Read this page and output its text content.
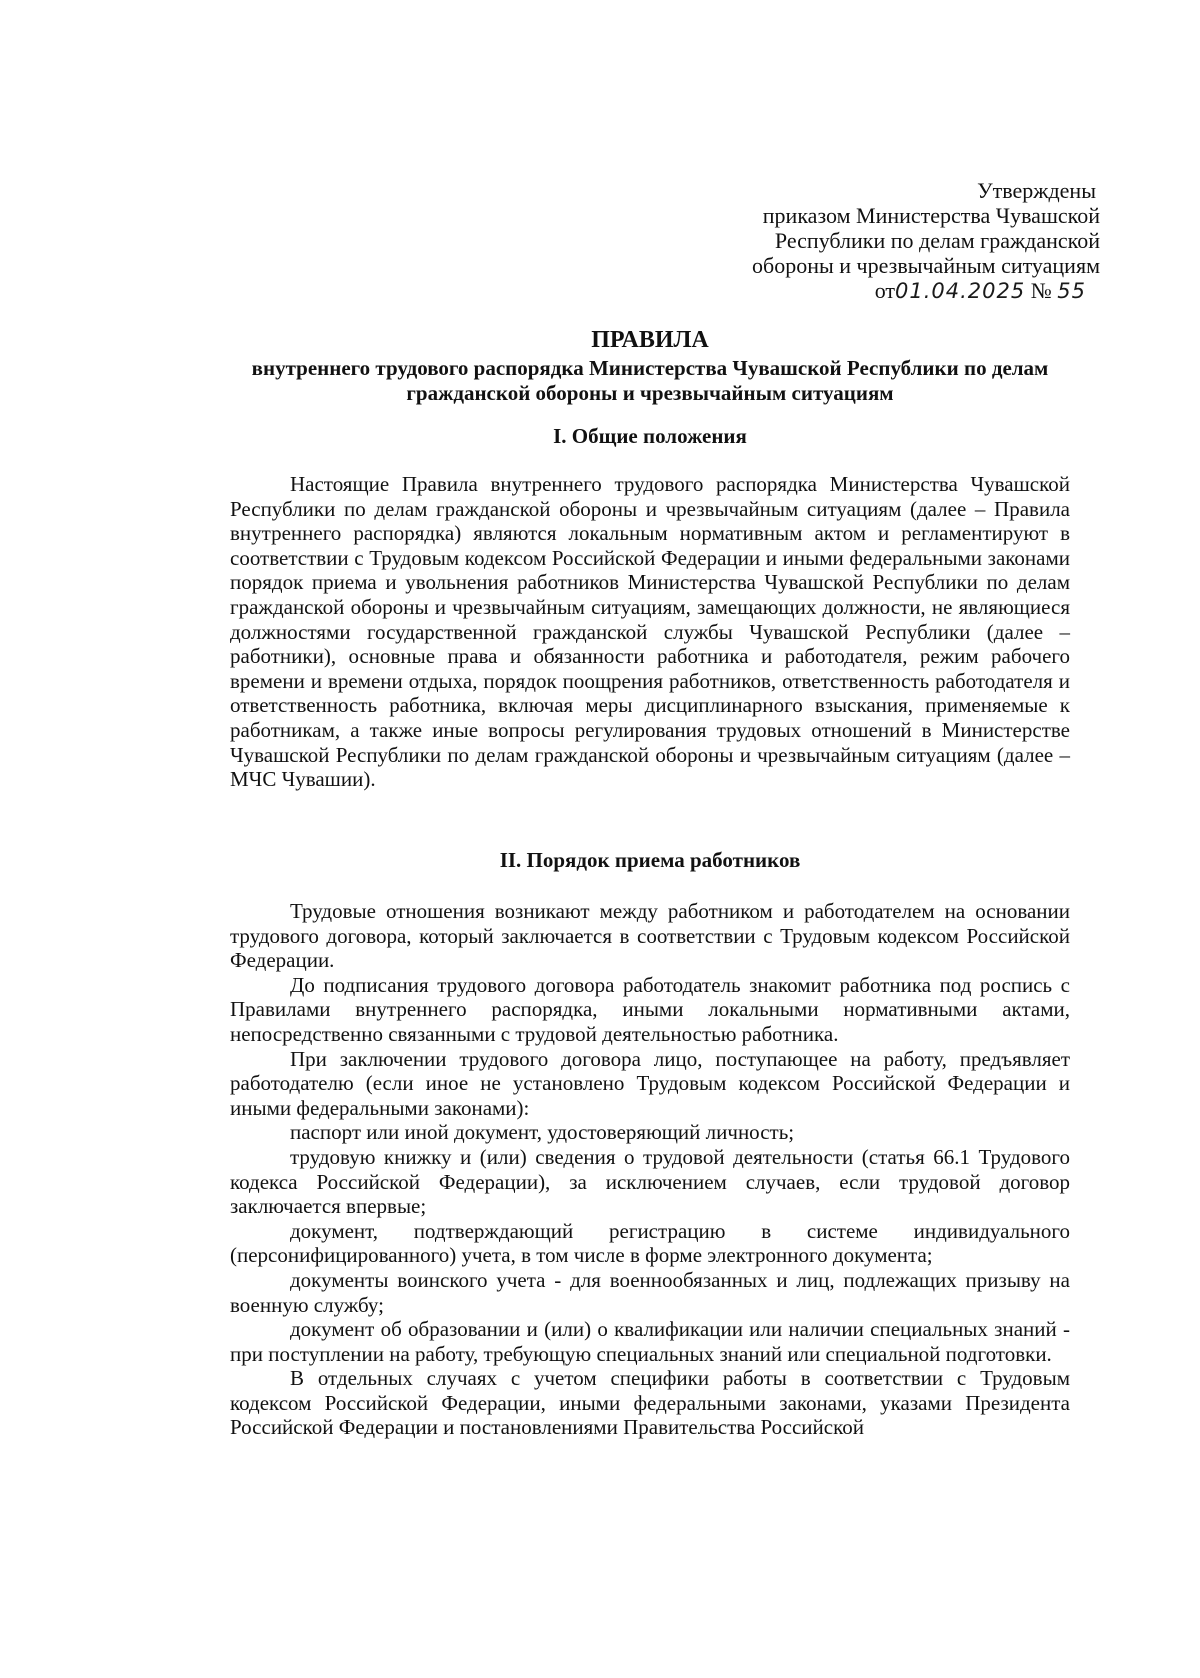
Утверждены
приказом Министерства Чувашской
Республики по делам гражданской
обороны и чрезвычайным ситуациям
от01.04.2025 № 55
ПРАВИЛА
внутреннего трудового распорядка Министерства Чувашской Республики по делам гражданской обороны и чрезвычайным ситуациям
I. Общие положения

Настоящие Правила внутреннего трудового распорядка Министерства Чувашской Республики по делам гражданской обороны и чрезвычайным ситуациям (далее – Правила внутреннего распорядка) являются локальным нормативным актом и регламентируют в соответствии с Трудовым кодексом Российской Федерации и иными федеральными законами порядок приема и увольнения работников Министерства Чувашской Республики по делам гражданской обороны и чрезвычайным ситуациям, замещающих должности, не являющиеся должностями государственной гражданской службы Чувашской Республики (далее – работники), основные права и обязанности работника и работодателя, режим рабочего времени и времени отдыха, порядок поощрения работников, ответственность работодателя и ответственность работника, включая меры дисциплинарного взыскания, применяемые к работникам, а также иные вопросы регулирования трудовых отношений в Министерстве Чувашской Республики по делам гражданской обороны и чрезвычайным ситуациям (далее – МЧС Чувашии).

II. Порядок приема работников

Трудовые отношения возникают между работником и работодателем на основании трудового договора, который заключается в соответствии с Трудовым кодексом Российской Федерации.

До подписания трудового договора работодатель знакомит работника под роспись с Правилами внутреннего распорядка, иными локальными нормативными актами, непосредственно связанными с трудовой деятельностью работника.

При заключении трудового договора лицо, поступающее на работу, предъявляет работодателю (если иное не установлено Трудовым кодексом Российской Федерации и иными федеральными законами):

паспорт или иной документ, удостоверяющий личность;

трудовую книжку и (или) сведения о трудовой деятельности (статья 66.1 Трудового кодекса Российской Федерации), за исключением случаев, если трудовой договор заключается впервые;

документ, подтверждающий регистрацию в системе индивидуального (персонифицированного) учета, в том числе в форме электронного документа;

документы воинского учета - для военнообязанных и лиц, подлежащих призыву на военную службу;

документ об образовании и (или) о квалификации или наличии специальных знаний - при поступлении на работу, требующую специальных знаний или специальной подготовки.

В отдельных случаях с учетом специфики работы в соответствии с Трудовым кодексом Российской Федерации, иными федеральными законами, указами Президента Российской Федерации и постановлениями Правительства Российской
